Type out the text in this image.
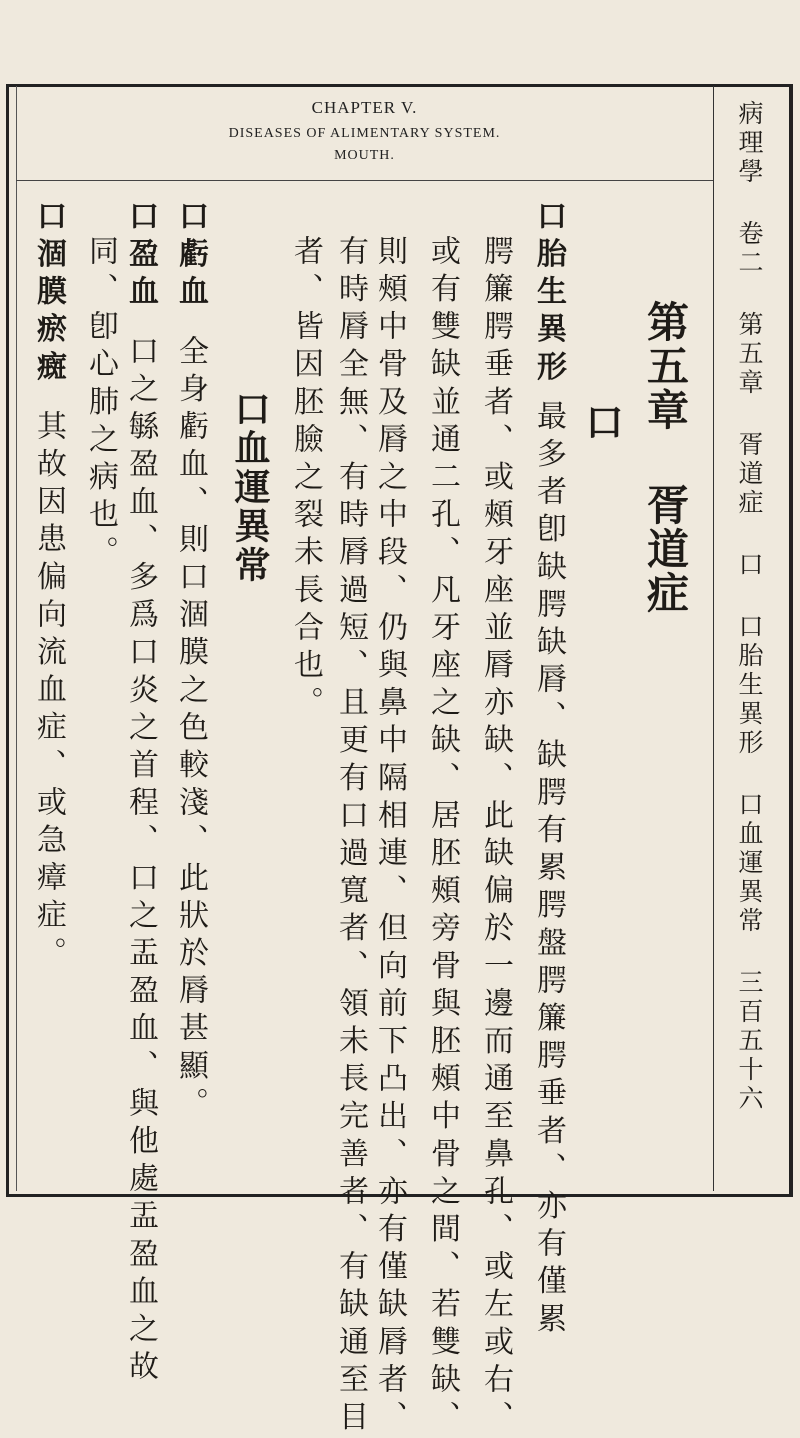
CHAPTER V.
DISEASES OF ALIMENTARY SYSTEM.
MOUTH.	病理學 卷二 第五章 胥道症 口 口胎生異形 口血運異常 三百五十六
第五章 胥道症
口
口血運異常
口胎生異形最多者卽缺腭缺脣、缺腭有累腭盤腭簾腭垂者、亦有僅累
腭簾腭垂者、或頰牙座並脣亦缺、此缺偏於一邊而通至鼻孔、或左或右、
或有雙缺並通二孔、凡牙座之缺、居胚頰旁骨與胚頰中骨之間、若雙缺、
則頰中骨及脣之中段、仍與鼻中隔相連、但向前下凸出、亦有僅缺脣者、
有時脣全無、有時脣過短、且更有口過寬者、領未長完善者、有缺通至目
者、皆因胚臉之裂未長合也。
口虧血全身虧血、則口涸膜之色較淺、此狀於脣甚顯。
口盈血口之緐盈血、多爲口炎之首程、口之盂盈血、與他處盂盈血之故
同、卽心肺之病也。
口涸膜瘀癍其故因患偏向流血症、或急瘴症。
